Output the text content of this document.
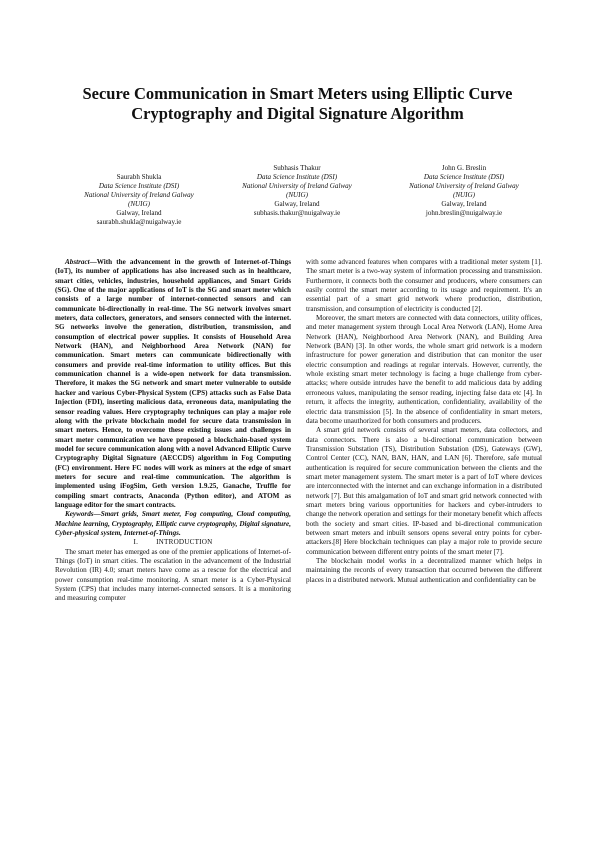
Secure Communication in Smart Meters using Elliptic Curve Cryptography and Digital Signature Algorithm
Saurabh Shukla
Data Science Institute (DSI)
National University of Ireland Galway
(NUIG)
Galway, Ireland
saurabh.shukla@nuigalway.ie
Subhasis Thakur
Data Science Institute (DSI)
National University of Ireland Galway
(NUIG)
Galway, Ireland
subhasis.thakur@nuigalway.ie
John G. Breslin
Data Science Institute (DSI)
National University of Ireland Galway
(NUIG)
Galway, Ireland
john.breslin@nuigalway.ie

Abstract—With the advancement in the growth of Internet-of-Things (IoT), its number of applications has also increased such as in healthcare, smart cities, vehicles, industries, household appliances, and Smart Grids (SG). One of the major applications of IoT is the SG and smart meter which consists of a large number of internet-connected sensors and can communicate bi-directionally in real-time. The SG network involves smart meters, data collectors, generators, and sensors connected with the internet. SG networks involve the generation, distribution, transmission, and consumption of electrical power supplies. It consists of Household Area Network (HAN), and Neighborhood Area Network (NAN) for communication. Smart meters can communicate bidirectionally with consumers and provide real-time information to utility offices. But this communication channel is a wide-open network for data transmission. Therefore, it makes the SG network and smart meter vulnerable to outside hacker and various Cyber-Physical System (CPS) attacks such as False Data Injection (FDI), inserting malicious data, erroneous data, manipulating the sensor reading values. Here cryptography techniques can play a major role along with the private blockchain model for secure data transmission in smart meters. Hence, to overcome these existing issues and challenges in smart meter communication we have proposed a blockchain-based system model for secure communication along with a novel Advanced Elliptic Curve Cryptography Digital Signature (AECCDS) algorithm in Fog Computing (FC) environment. Here FC nodes will work as miners at the edge of smart meters for secure and real-time communication. The algorithm is implemented using iFogSim, Geth version 1.9.25, Ganache, Truffle for compiling smart contracts, Anaconda (Python editor), and ATOM as language editor for the smart contracts.

Keywords—Smart grids, Smart meter, Fog computing, Cloud computing, Machine learning, Cryptography, Elliptic curve cryptography, Digital signature, Cyber-physical system, Internet-of-Things.

I.	INTRODUCTION

The smart meter has emerged as one of the premier applications of Internet-of-Things (IoT) in smart cities. The escalation in the advancement of the Industrial Revolution (IR) 4.0; smart meters have come as a rescue for the electrical and power consumption real-time monitoring. A smart meter is a Cyber-Physical System (CPS) that includes many internet-connected sensors. It is a monitoring and measuring computer

with some advanced features when compares with a traditional meter system [1]. The smart meter is a two-way system of information processing and transmission. Furthermore, it connects both the consumer and producers, where consumers can easily control the smart meter according to its usage and requirement. It's an essential part of a smart grid network where production, distribution, transmission, and consumption of electricity is conducted [2].

Moreover, the smart meters are connected with data connectors, utility offices, and meter management system through Local Area Network (LAN), Home Area Network (HAN), Neighborhood Area Network (NAN), and Building Area Network (BAN) [3]. In other words, the whole smart grid network is a modern infrastructure for power generation and distribution that can monitor the user electric consumption and readings at regular intervals. However, currently, the whole existing smart meter technology is facing a huge challenge from cyber-attacks; where outside intrudes have the benefit to add malicious data by adding erroneous values, manipulating the sensor reading, injecting false data etc [4]. In return, it affects the integrity, authentication, confidentiality, availability of the electric data transmission [5]. In the absence of confidentiality in smart meters, data become unauthorized for both consumers and producers.

A smart grid network consists of several smart meters, data collectors, and data connectors. There is also a bi-directional communication between Transmission Substation (TS), Distribution Substation (DS), Gateways (GW), Control Center (CC), NAN, BAN, HAN, and LAN [6]. Therefore, safe mutual authentication is required for secure communication between the clients and the smart meter management system. The smart meter is a part of IoT where devices are interconnected with the internet and can exchange information in a distributed network [7]. But this amalgamation of IoT and smart grid network connected with smart meters bring various opportunities for hackers and cyber-intruders to change the network operation and settings for their monetary benefit which affects both the society and smart cities. IP-based and bi-directional communication between smart meters and inbuilt sensors opens several entry points for cyber-attackers.[8] Here blockchain techniques can play a major role to provide secure communication between different entry points of the smart meter [7].

The blockchain model works in a decentralized manner which helps in maintaining the records of every transaction that occurred between the different places in a distributed network. Mutual authentication and confidentiality can be
